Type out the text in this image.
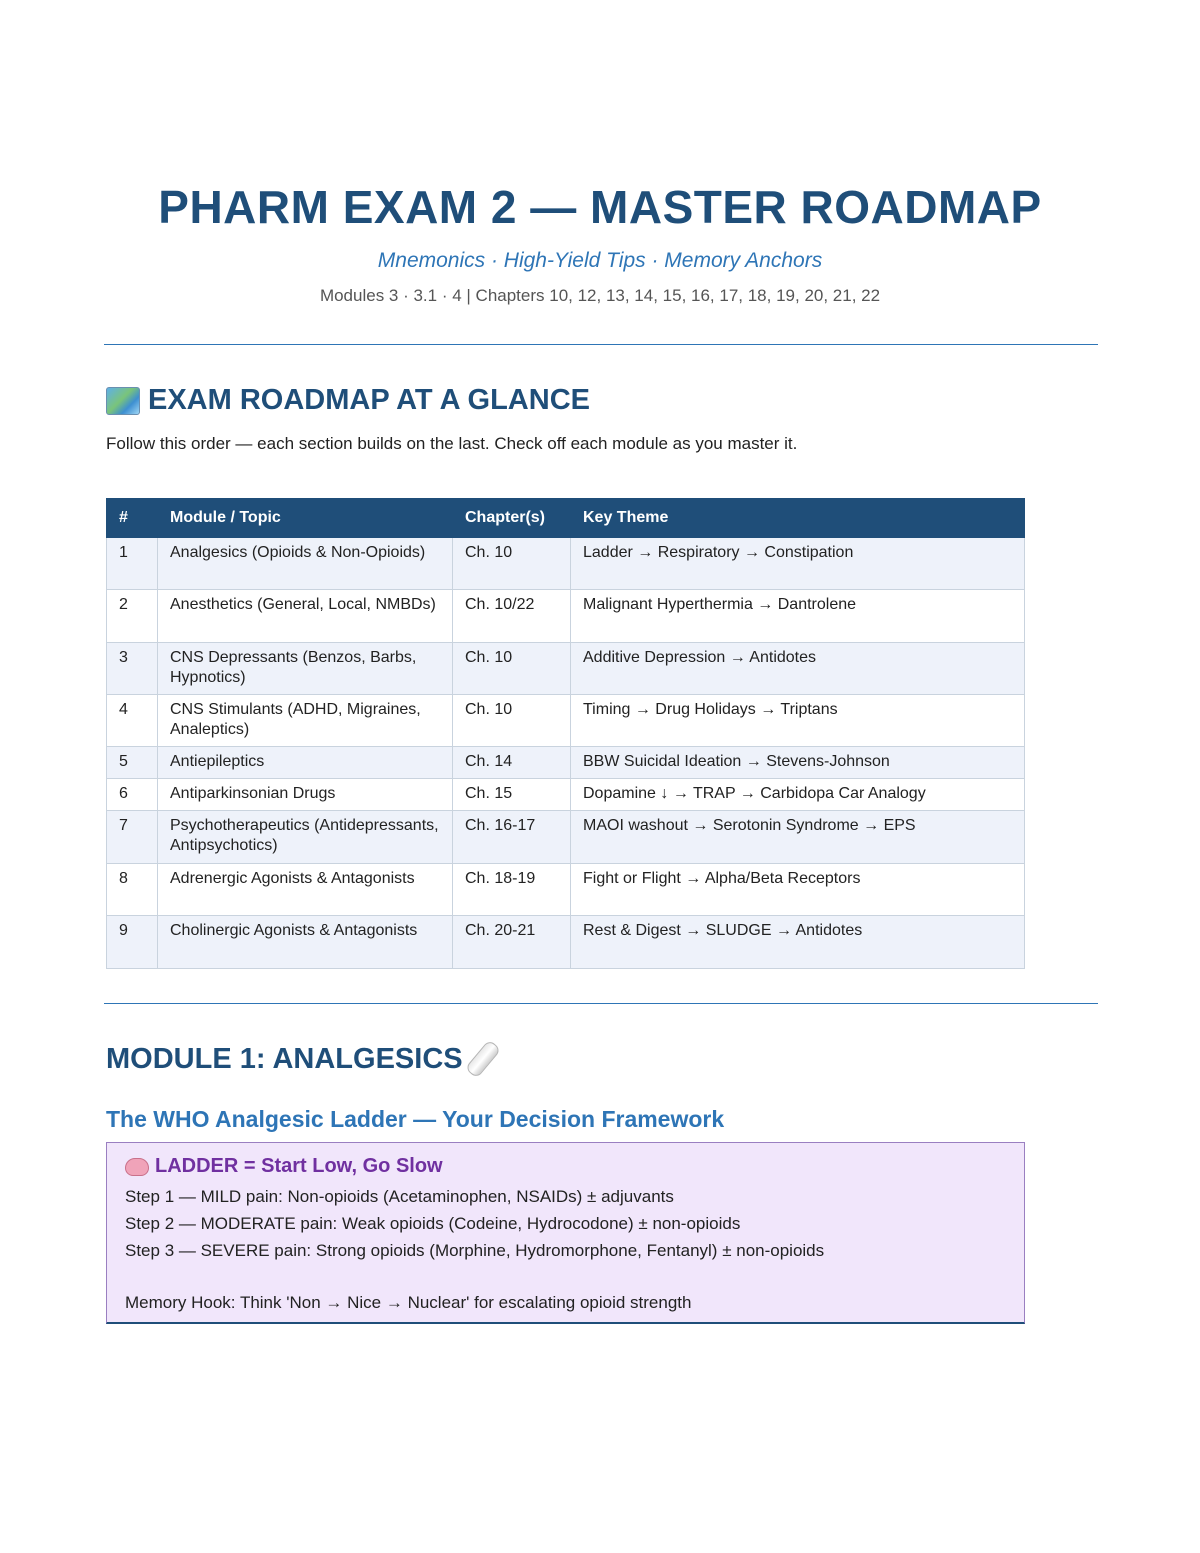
PHARM EXAM 2 — MASTER ROADMAP
Mnemonics · High-Yield Tips · Memory Anchors
Modules 3 · 3.1 · 4 | Chapters 10, 12, 13, 14, 15, 16, 17, 18, 19, 20, 21, 22
EXAM ROADMAP AT A GLANCE
Follow this order — each section builds on the last. Check off each module as you master it.
#	Module / Topic	Chapter(s)	Key Theme
1	Analgesics (Opioids & Non-Opioids)	Ch. 10	Ladder → Respiratory → Constipation
2	Anesthetics (General, Local, NMBDs)	Ch. 10/22	Malignant Hyperthermia → Dantrolene
3	CNS Depressants (Benzos, Barbs, Hypnotics)	Ch. 10	Additive Depression → Antidotes
4	CNS Stimulants (ADHD, Migraines, Analeptics)	Ch. 10	Timing → Drug Holidays → Triptans
5	Antiepileptics	Ch. 14	BBW Suicidal Ideation → Stevens-Johnson
6	Antiparkinsonian Drugs	Ch. 15	Dopamine ↓ → TRAP → Carbidopa Car Analogy
7	Psychotherapeutics (Antidepressants, Antipsychotics)	Ch. 16-17	MAOI washout → Serotonin Syndrome → EPS
8	Adrenergic Agonists & Antagonists	Ch. 18-19	Fight or Flight → Alpha/Beta Receptors
9	Cholinergic Agonists & Antagonists	Ch. 20-21	Rest & Digest → SLUDGE → Antidotes
MODULE 1: ANALGESICS
The WHO Analgesic Ladder — Your Decision Framework
LADDER = Start Low, Go Slow
Step 1 — MILD pain: Non-opioids (Acetaminophen, NSAIDs) ± adjuvants
Step 2 — MODERATE pain: Weak opioids (Codeine, Hydrocodone) ± non-opioids
Step 3 — SEVERE pain: Strong opioids (Morphine, Hydromorphone, Fentanyl) ± non-opioids
Memory Hook: Think 'Non → Nice → Nuclear' for escalating opioid strength
